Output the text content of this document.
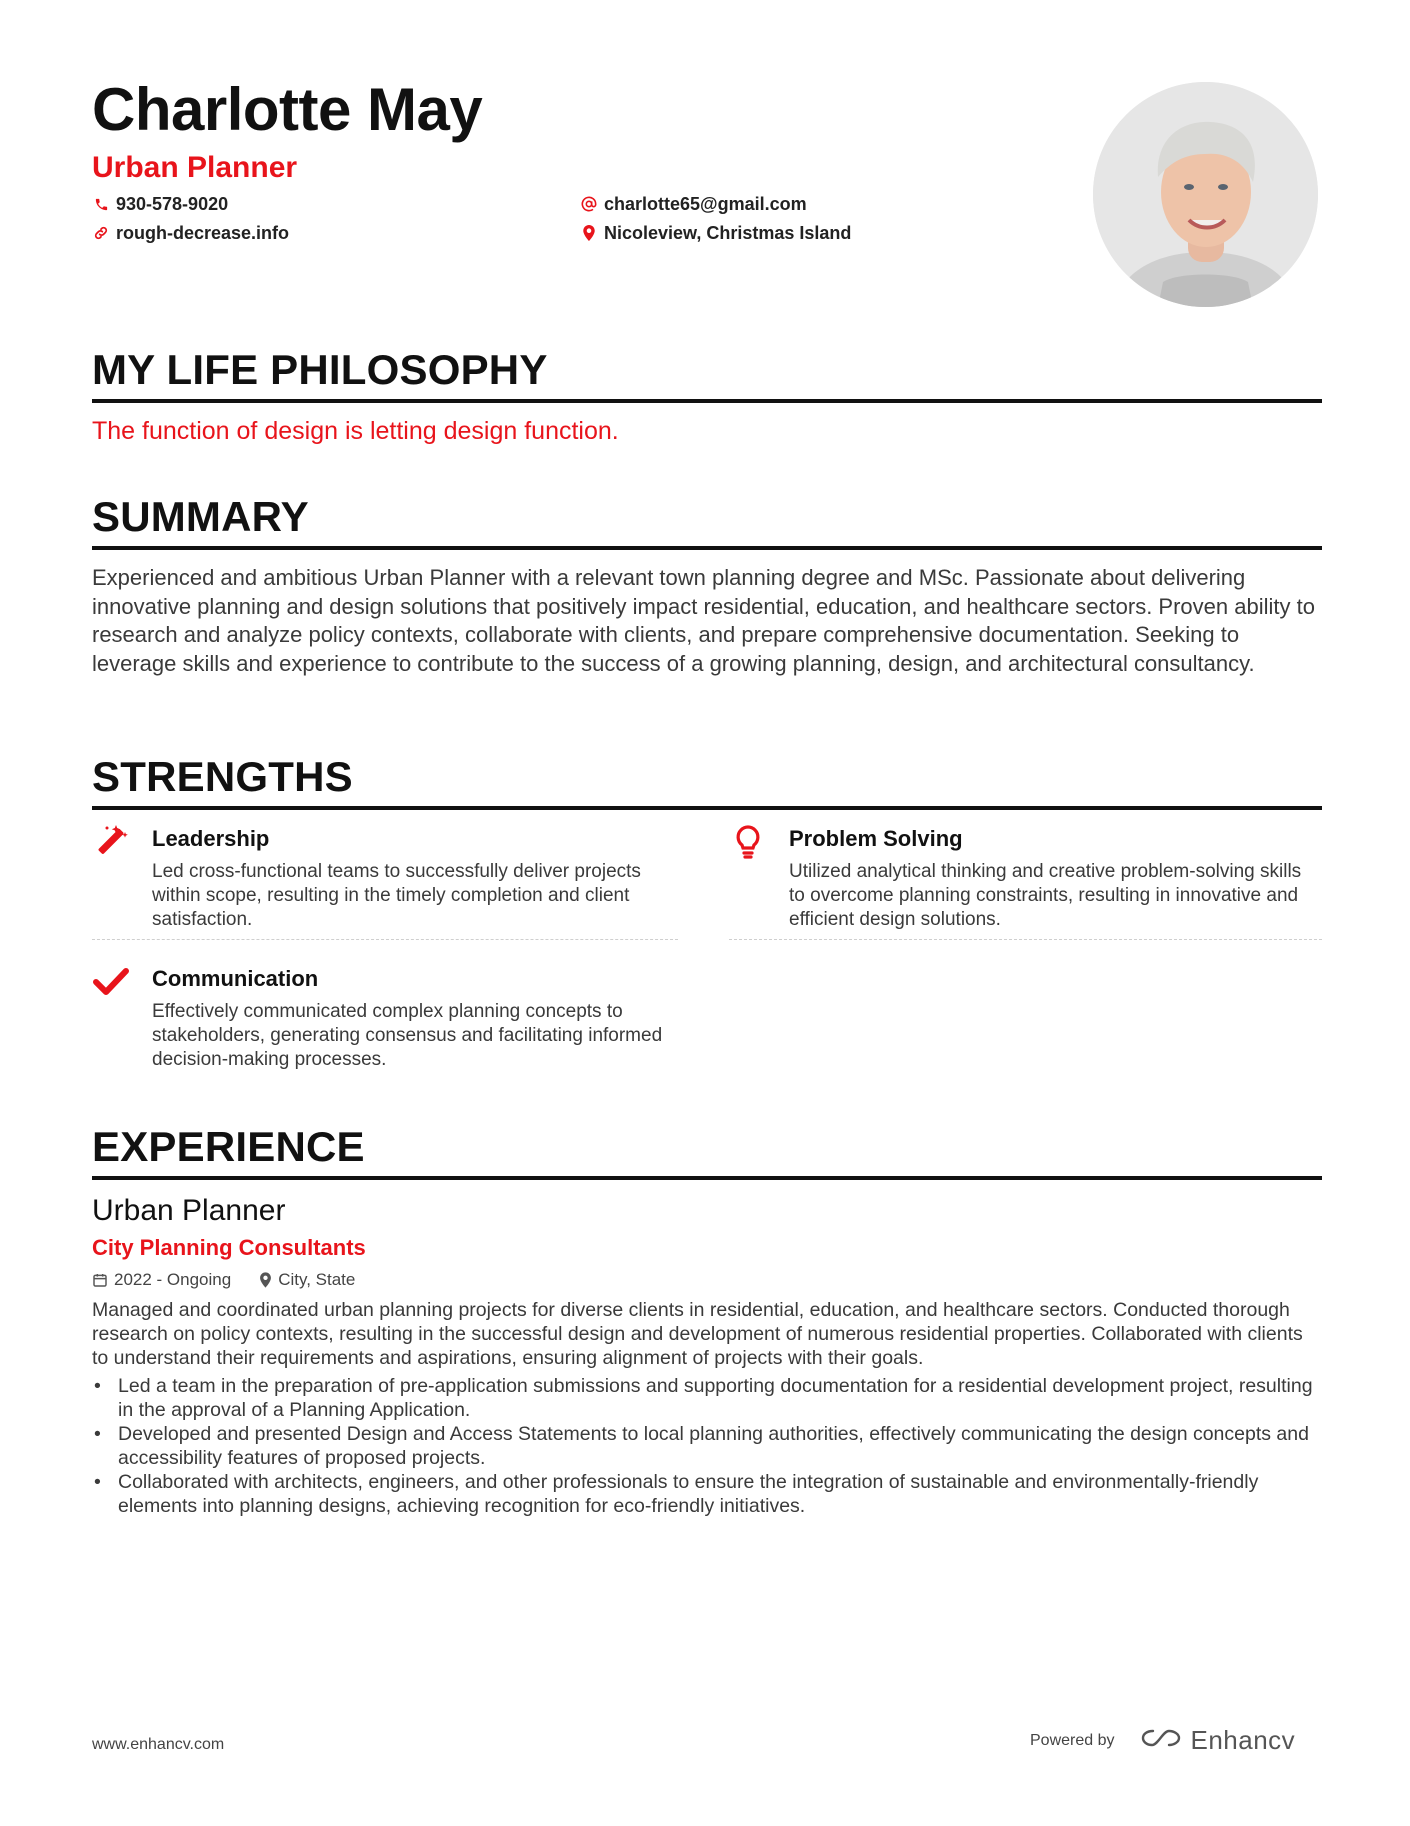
Charlotte May
Urban Planner
930-578-9020
rough-decrease.info
charlotte65@gmail.com
Nicoleview, Christmas Island
MY LIFE PHILOSOPHY
The function of design is letting design function.
SUMMARY
Experienced and ambitious Urban Planner with a relevant town planning degree and MSc. Passionate about delivering innovative planning and design solutions that positively impact residential, education, and healthcare sectors. Proven ability to research and analyze policy contexts, collaborate with clients, and prepare comprehensive documentation. Seeking to leverage skills and experience to contribute to the success of a growing planning, design, and architectural consultancy.
STRENGTHS
Leadership
Led cross-functional teams to successfully deliver projects within scope, resulting in the timely completion and client satisfaction.
Problem Solving
Utilized analytical thinking and creative problem-solving skills to overcome planning constraints, resulting in innovative and efficient design solutions.
Communication
Effectively communicated complex planning concepts to stakeholders, generating consensus and facilitating informed decision-making processes.
EXPERIENCE
Urban Planner
City Planning Consultants
2022 - Ongoing	City, State
Managed and coordinated urban planning projects for diverse clients in residential, education, and healthcare sectors. Conducted thorough research on policy contexts, resulting in the successful design and development of numerous residential properties. Collaborated with clients to understand their requirements and aspirations, ensuring alignment of projects with their goals.
• Led a team in the preparation of pre-application submissions and supporting documentation for a residential development project, resulting in the approval of a Planning Application.
• Developed and presented Design and Access Statements to local planning authorities, effectively communicating the design concepts and accessibility features of proposed projects.
• Collaborated with architects, engineers, and other professionals to ensure the integration of sustainable and environmentally-friendly elements into planning designs, achieving recognition for eco-friendly initiatives.
www.enhancv.com	Powered by	Enhancv
